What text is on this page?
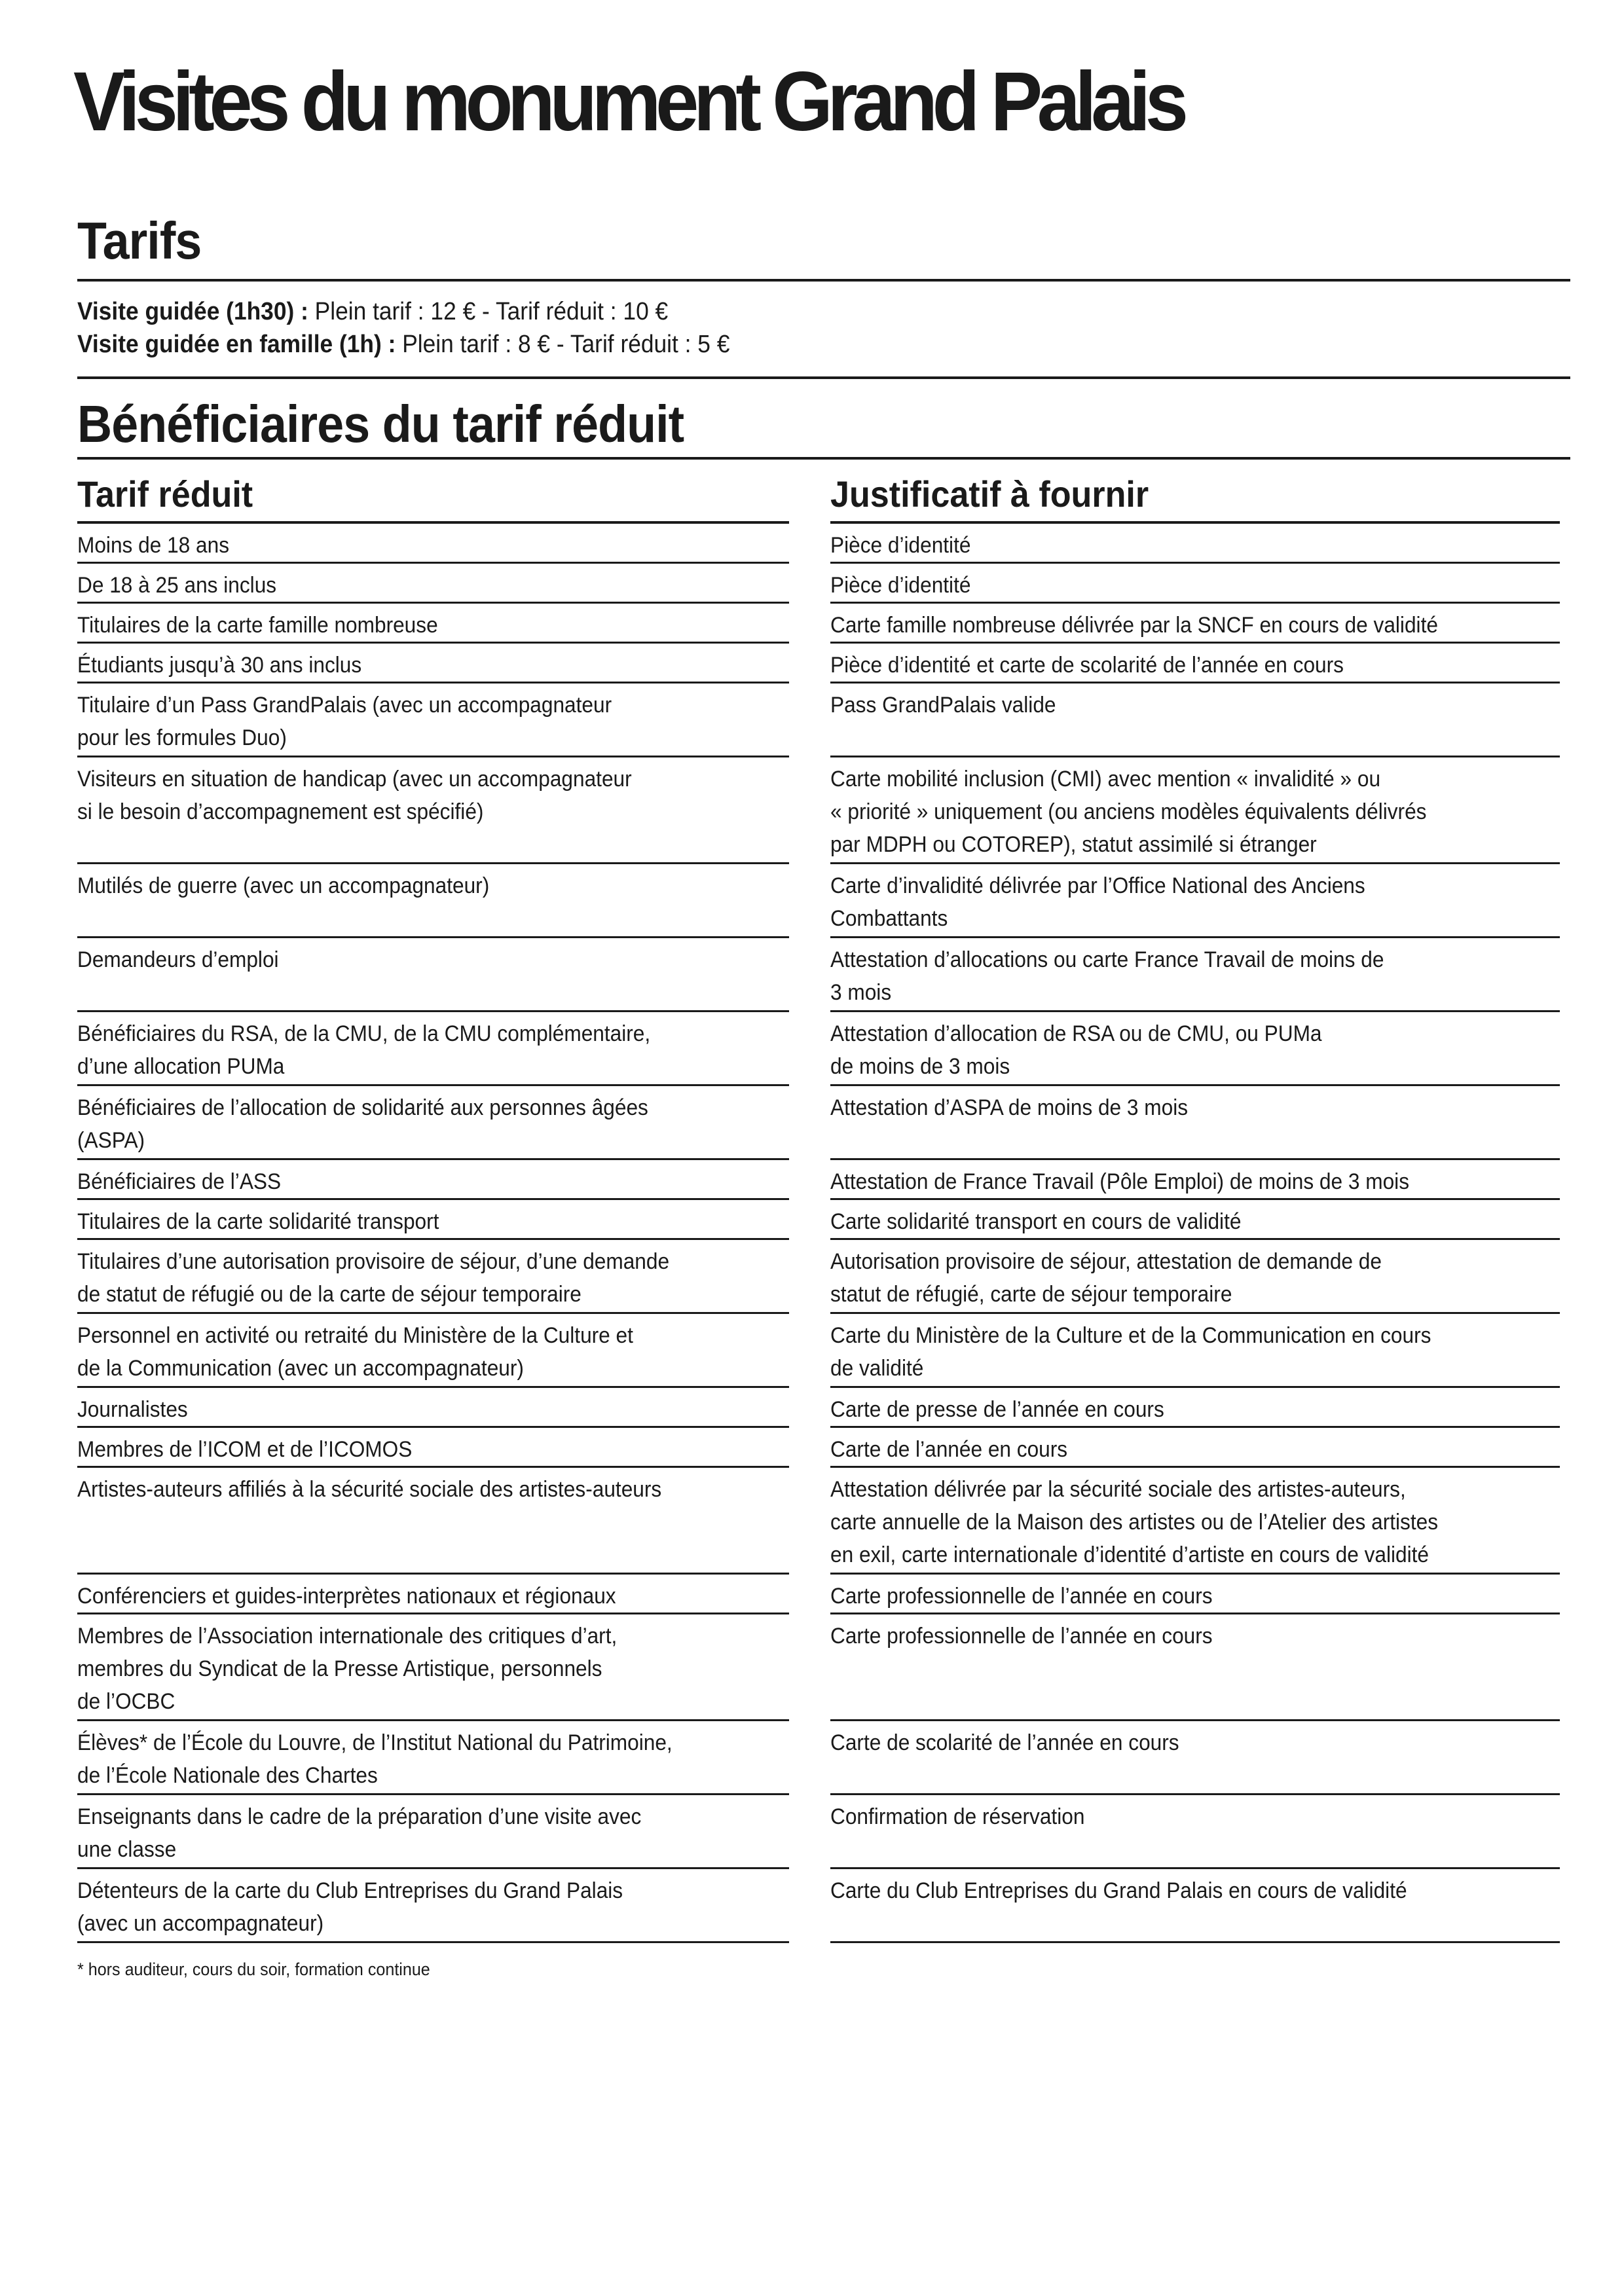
Visites du monument Grand Palais
Tarifs
Visite guidée (1h30) : Plein tarif : 12 € - Tarif réduit : 10 €
Visite guidée en famille (1h) : Plein tarif : 8 € - Tarif réduit : 5 €
Bénéficiaires du tarif réduit
Tarif réduit
Moins de 18 ans
De 18 à 25 ans inclus
Titulaires de la carte famille nombreuse
Étudiants jusqu’à 30 ans inclus
Titulaire d’un Pass GrandPalais (avec un accompagnateur
pour les formules Duo)
Visiteurs en situation de handicap (avec un accompagnateur
si le besoin d’accompagnement est spécifié)
Mutilés de guerre (avec un accompagnateur)
Demandeurs d’emploi
Bénéficiaires du RSA, de la CMU, de la CMU complémentaire,
d’une allocation PUMa
Bénéficiaires de l’allocation de solidarité aux personnes âgées
(ASPA)
Bénéficiaires de l’ASS
Titulaires de la carte solidarité transport
Titulaires d’une autorisation provisoire de séjour, d’une demande
de statut de réfugié ou de la carte de séjour temporaire
Personnel en activité ou retraité du Ministère de la Culture et
de la Communication (avec un accompagnateur)
Journalistes
Membres de l’ICOM et de l’ICOMOS
Artistes-auteurs affiliés à la sécurité sociale des artistes-auteurs
Conférenciers et guides-interprètes nationaux et régionaux
Membres de l’Association internationale des critiques d’art,
membres du Syndicat de la Presse Artistique, personnels
de l’OCBC
Élèves* de l’École du Louvre, de l’Institut National du Patrimoine,
de l’École Nationale des Chartes
Enseignants dans le cadre de la préparation d’une visite avec
une classe
Détenteurs de la carte du Club Entreprises du Grand Palais
(avec un accompagnateur)
Justificatif à fournir
Pièce d’identité
Pièce d’identité
Carte famille nombreuse délivrée par la SNCF en cours de validité
Pièce d’identité et carte de scolarité de l’année en cours
Pass GrandPalais valide
Carte mobilité inclusion (CMI) avec mention « invalidité » ou
« priorité » uniquement (ou anciens modèles équivalents délivrés
par MDPH ou COTOREP), statut assimilé si étranger
Carte d’invalidité délivrée par l’Office National des Anciens
Combattants
Attestation d’allocations ou carte France Travail de moins de
3 mois
Attestation d’allocation de RSA ou de CMU, ou PUMa
de moins de 3 mois
Attestation d’ASPA de moins de 3 mois
Attestation de France Travail (Pôle Emploi) de moins de 3 mois
Carte solidarité transport en cours de validité
Autorisation provisoire de séjour, attestation de demande de
statut de réfugié, carte de séjour temporaire
Carte du Ministère de la Culture et de la Communication en cours
de validité
Carte de presse de l’année en cours
Carte de l’année en cours
Attestation délivrée par la sécurité sociale des artistes-auteurs,
carte annuelle de la Maison des artistes ou de l’Atelier des artistes
en exil, carte internationale d’identité d’artiste en cours de validité
Carte professionnelle de l’année en cours
Carte professionnelle de l’année en cours
Carte de scolarité de l’année en cours
Confirmation de réservation
Carte du Club Entreprises du Grand Palais en cours de validité
* hors auditeur, cours du soir, formation continue
